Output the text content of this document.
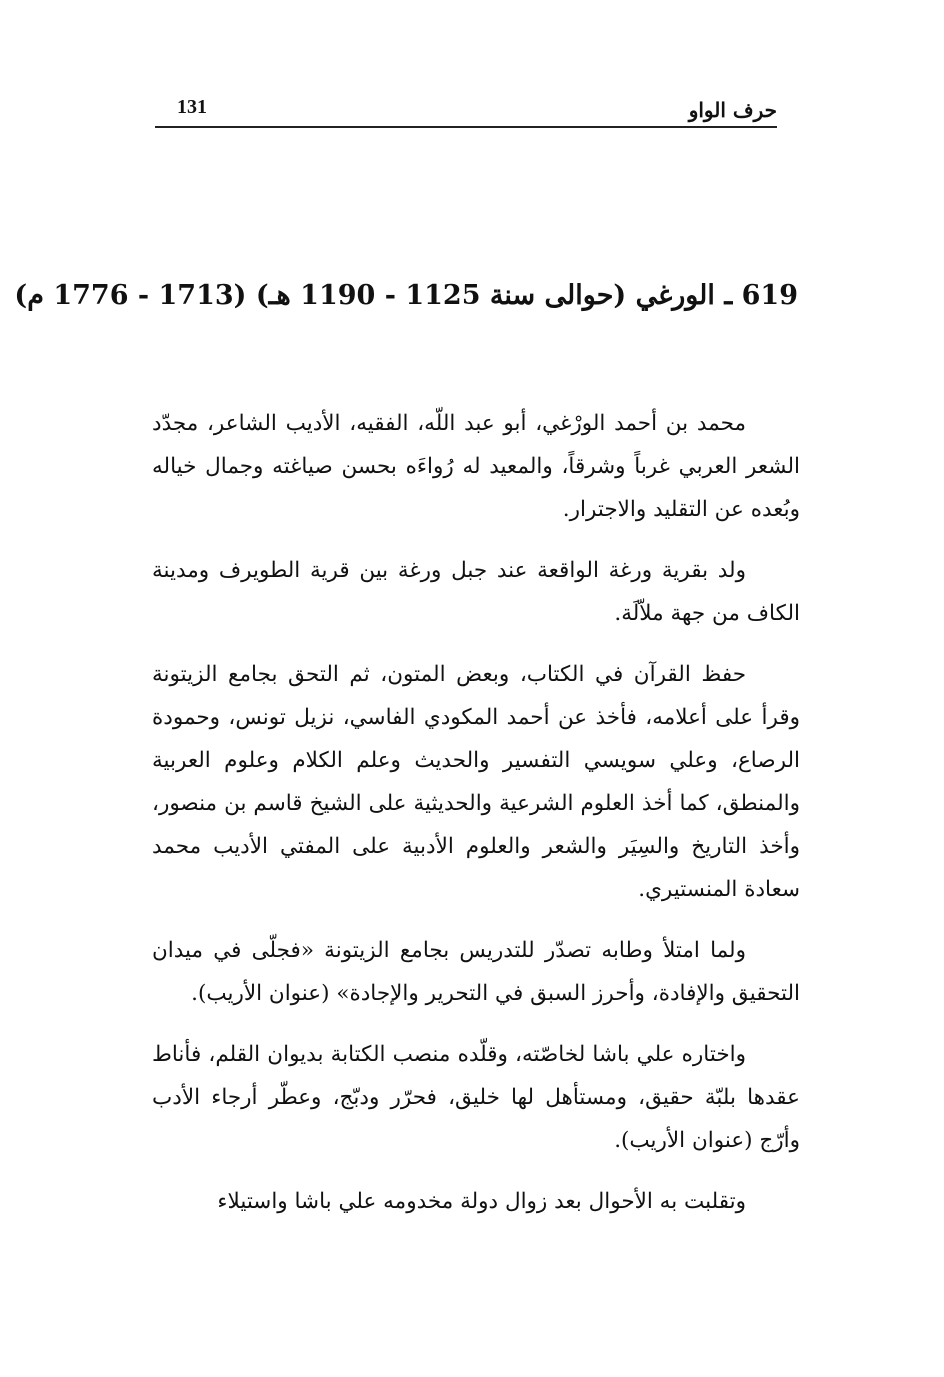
حرف الواو
131
619 ـ الورغي (حوالى سنة 1125 - 1190 هـ) (1713 - 1776 م)

محمد بن أحمد الورْغي، أبو عبد اللّه، الفقيه، الأديب الشاعر، مجدّد الشعر العربي غرباً وشرقاً، والمعيد له رُواءَه بحسن صياغته وجمال خياله وبُعده عن التقليد والاجترار.

ولد بقرية ورغة الواقعة عند جبل ورغة بين قرية الطويرف ومدينة الكاف من جهة ملاّلَة.

حفظ القرآن في الكتاب، وبعض المتون، ثم التحق بجامع الزيتونة وقرأ على أعلامه، فأخذ عن أحمد المكودي الفاسي، نزيل تونس، وحمودة الرصاع، وعلي سويسي التفسير والحديث وعلم الكلام وعلوم العربية والمنطق، كما أخذ العلوم الشرعية والحديثية على الشيخ قاسم بن منصور، وأخذ التاريخ والسِيَر والشعر والعلوم الأدبية على المفتي الأديب محمد سعادة المنستيري.

ولما امتلأ وطابه تصدّر للتدريس بجامع الزيتونة «فجلّى في ميدان التحقيق والإفادة، وأحرز السبق في التحرير والإجادة» (عنوان الأريب).

واختاره علي باشا لخاصّته، وقلّده منصب الكتابة بديوان القلم، فأناط عقدها بلبّة حقيق، ومستأهل لها خليق، فحرّر ودبّج، وعطّر أرجاء الأدب وأرّج (عنوان الأريب).

وتقلبت به الأحوال بعد زوال دولة مخدومه علي باشا واستيلاء
